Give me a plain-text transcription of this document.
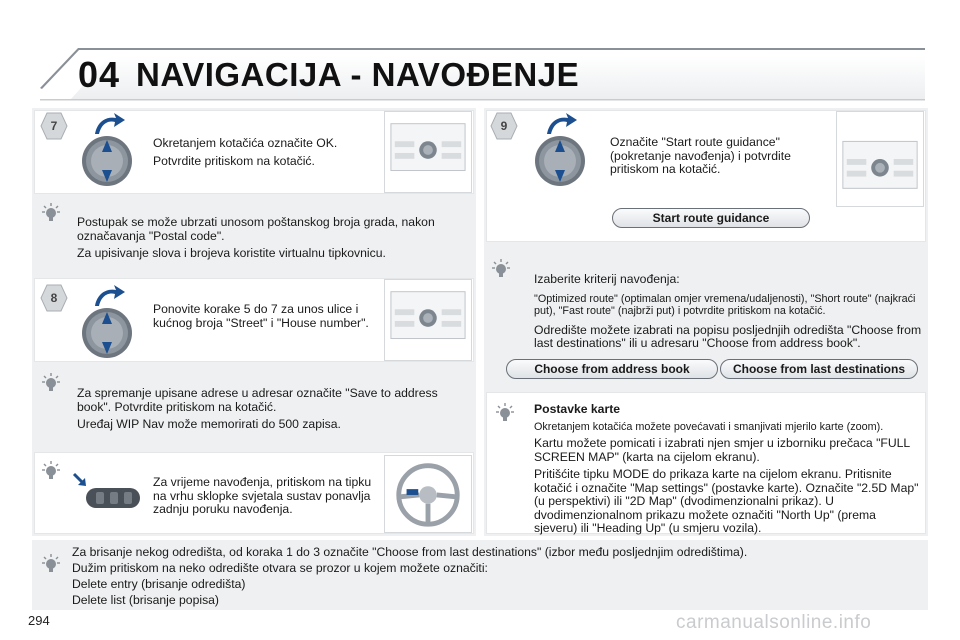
04 NAVIGACIJA - NAVOĐENJE
7

Okretanjem kotačića označite OK.

Potvrdite pritiskom na kotačić.

Postupak se može ubrzati unosom poštanskog broja grada, nakon označavanja "Postal code".

Za upisivanje slova i brojeva koristite virtualnu tipkovnicu.

8

Ponovite korake 5 do 7 za unos ulice i kućnog broja "Street" i "House number".

Za spremanje upisane adrese u adresar označite "Save to address book". Potvrdite pritiskom na kotačić.

Uređaj WIP Nav može memorirati do 500 zapisa.

Za vrijeme navođenja, pritiskom na tipku na vrhu sklopke svjetala sustav ponavlja zadnju poruku navođenja.

9

Označite "Start route guidance" (pokretanje navođenja) i potvrdite pritiskom na kotačić.

Start route guidance

Izaberite kriterij navođenja:

"Optimized route" (optimalan omjer vremena/udaljenosti), "Short route" (najkraći put), "Fast route" (najbrži put) i potvrdite pritiskom na kotačić.

Odredište možete izabrati na popisu posljednjih odredišta "Choose from last destinations" ili u adresaru "Choose from address book".

Choose from address book	Choose from last destinations

Postavke karte

Okretanjem kotačića možete povećavati i smanjivati mjerilo karte (zoom).

Kartu možete pomicati i izabrati njen smjer u izborniku prečaca "FULL SCREEN MAP" (karta na cijelom ekranu).

Pritišćite tipku MODE do prikaza karte na cijelom ekranu. Pritisnite kotačić i označite "Map settings" (postavke karte). Označite "2.5D Map" (u perspektivi) ili "2D Map" (dvodimenzionalni prikaz). U dvodimenzionalnom prikazu možete označiti "North Up" (prema sjeveru) ili "Heading Up" (u smjeru vozila).

Za brisanje nekog odredišta, od koraka 1 do 3 označite "Choose from last destinations" (izbor među posljednjim odredištima).

Dužim pritiskom na neko odredište otvara se prozor u kojem možete označiti:

Delete entry (brisanje odredišta)

Delete list (brisanje popisa)

294	carmanualsonline.info
